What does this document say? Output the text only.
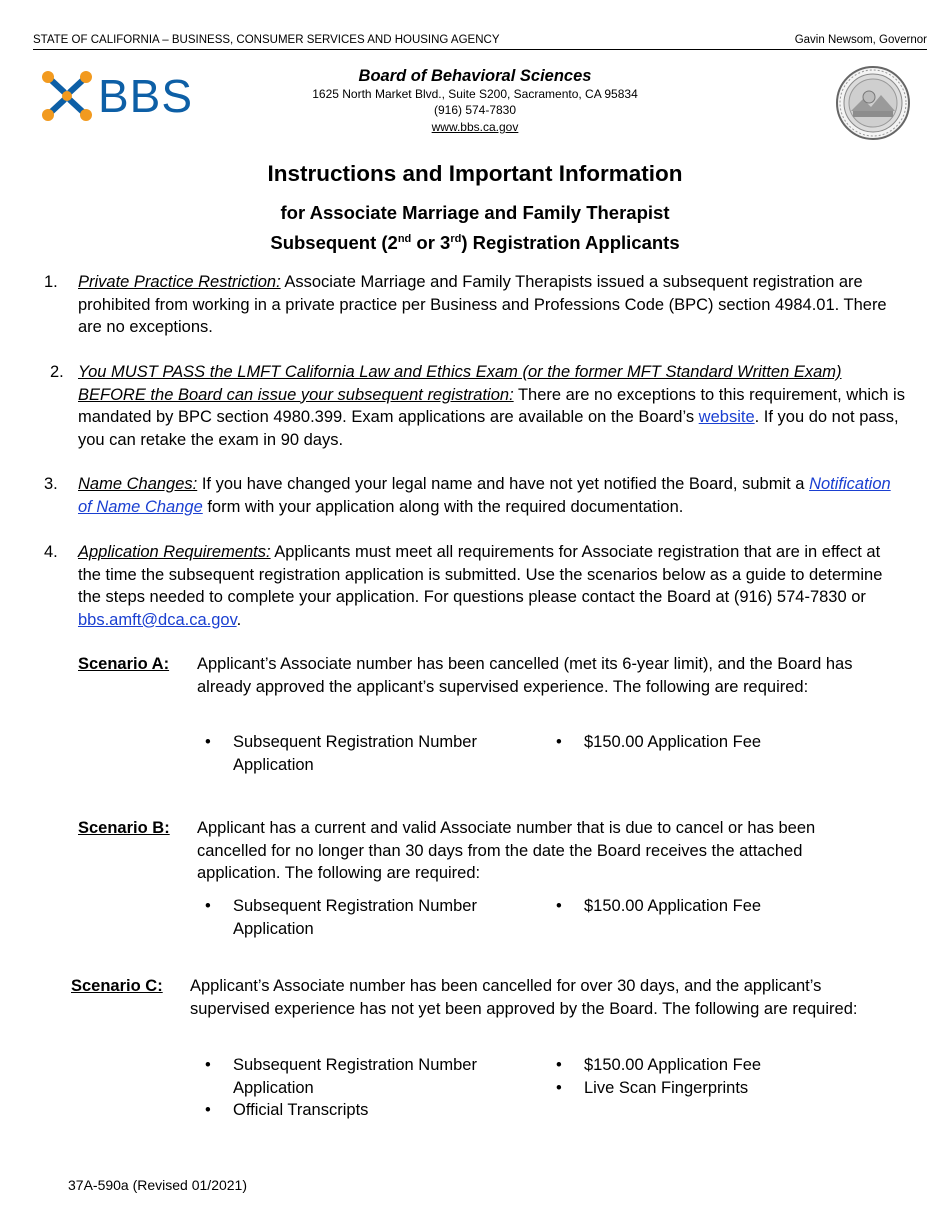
STATE OF CALIFORNIA – BUSINESS, CONSUMER SERVICES AND HOUSING AGENCY	Gavin Newsom, Governor
BBS	Board of Behavioral Sciences
1625 North Market Blvd., Suite S200, Sacramento, CA 95834
(916) 574-7830
www.bbs.ca.gov
Instructions and Important Information
for Associate Marriage and Family Therapist
Subsequent (2nd or 3rd) Registration Applicants
1. Private Practice Restriction: Associate Marriage and Family Therapists issued a subsequent registration are prohibited from working in a private practice per Business and Professions Code (BPC) section 4984.01. There are no exceptions.
2. You MUST PASS the LMFT California Law and Ethics Exam (or the former MFT Standard Written Exam) BEFORE the Board can issue your subsequent registration: There are no exceptions to this requirement, which is mandated by BPC section 4980.399. Exam applications are available on the Board’s website. If you do not pass, you can retake the exam in 90 days.
3. Name Changes: If you have changed your legal name and have not yet notified the Board, submit a Notification of Name Change form with your application along with the required documentation.
4. Application Requirements: Applicants must meet all requirements for Associate registration that are in effect at the time the subsequent registration application is submitted. Use the scenarios below as a guide to determine the steps needed to complete your application. For questions please contact the Board at (916) 574-7830 or bbs.amft@dca.ca.gov.
Scenario A: Applicant’s Associate number has been cancelled (met its 6-year limit), and the Board has already approved the applicant’s supervised experience. The following are required:
• Subsequent Registration Number Application
• $150.00 Application Fee
Scenario B: Applicant has a current and valid Associate number that is due to cancel or has been cancelled for no longer than 30 days from the date the Board receives the attached application. The following are required:
• Subsequent Registration Number Application
• $150.00 Application Fee
Scenario C: Applicant’s Associate number has been cancelled for over 30 days, and the applicant’s supervised experience has not yet been approved by the Board. The following are required:
• Subsequent Registration Number Application
• Official Transcripts
• $150.00 Application Fee
• Live Scan Fingerprints
37A-590a (Revised 01/2021)
